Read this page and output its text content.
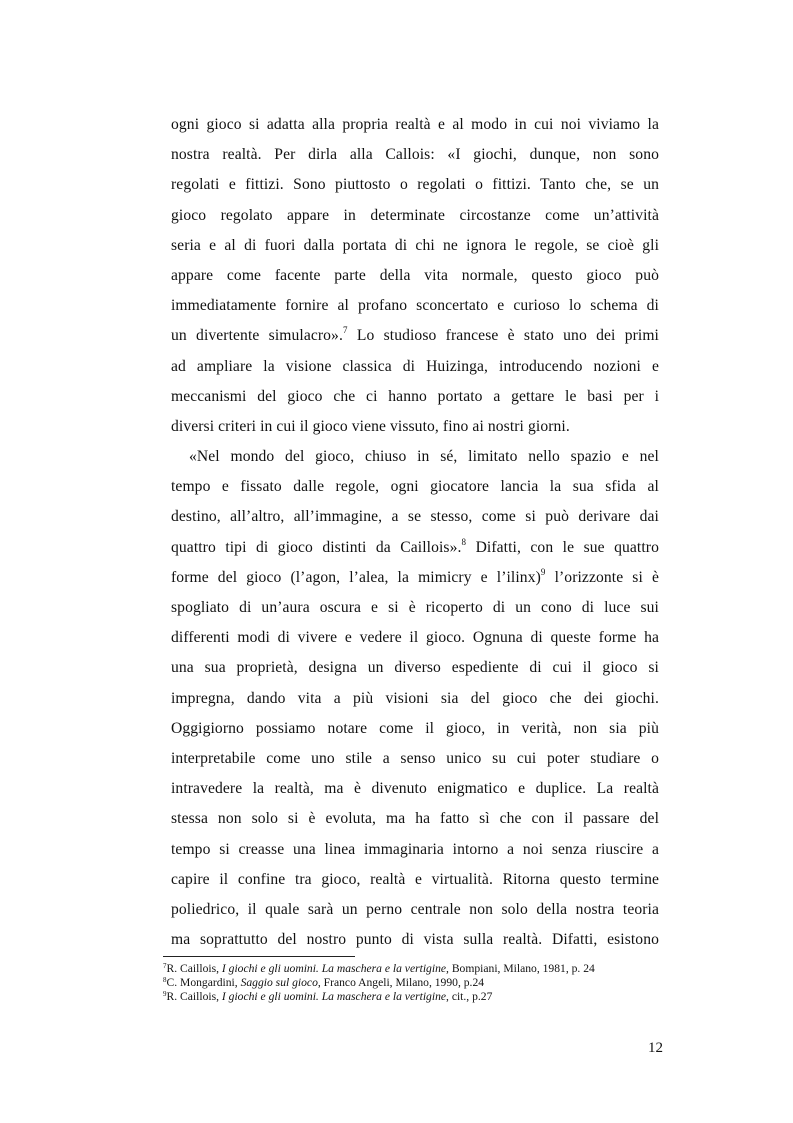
ogni gioco si adatta alla propria realtà e al modo in cui noi viviamo la
nostra realtà. Per dirla alla Callois: «I giochi, dunque, non sono
regolati e fittizi. Sono piuttosto o regolati o fittizi. Tanto che, se un
gioco regolato appare in determinate circostanze come un’attività
seria e al di fuori dalla portata di chi ne ignora le regole, se cioè gli
appare come facente parte della vita normale, questo gioco può
immediatamente fornire al profano sconcertato e curioso lo schema di
un divertente simulacro».$^7$ Lo studioso francese è stato uno dei primi
ad ampliare la visione classica di Huizinga, introducendo nozioni e
meccanismi del gioco che ci hanno portato a gettare le basi per i
diversi criteri in cui il gioco viene vissuto, fino ai nostri giorni.
«Nel mondo del gioco, chiuso in sé, limitato nello spazio e nel
tempo e fissato dalle regole, ogni giocatore lancia la sua sfida al
destino, all’altro, all’immagine, a se stesso, come si può derivare dai
quattro tipi di gioco distinti da Caillois».$^8$ Difatti, con le sue quattro
forme del gioco (l’agon, l’alea, la mimicry e l’ilinx)$^9$ l’orizzonte si è
spogliato di un’aura oscura e si è ricoperto di un cono di luce sui
differenti modi di vivere e vedere il gioco. Ognuna di queste forme ha
una sua proprietà, designa un diverso espediente di cui il gioco si
impregna, dando vita a più visioni sia del gioco che dei giochi.
Oggigiorno possiamo notare come il gioco, in verità, non sia più
interpretabile come uno stile a senso unico su cui poter studiare o
intravedere la realtà, ma è divenuto enigmatico e duplice. La realtà
stessa non solo si è evoluta, ma ha fatto sì che con il passare del
tempo si creasse una linea immaginaria intorno a noi senza riuscire a
capire il confine tra gioco, realtà e virtualità. Ritorna questo termine
poliedrico, il quale sarà un perno centrale non solo della nostra teoria
ma soprattutto del nostro punto di vista sulla realtà. Difatti, esistono
$^7$R. Caillois, I giochi e gli uomini. La maschera e la vertigine, Bompiani, Milano, 1981, p. 24
$^8$C. Mongardini, Saggio sul gioco, Franco Angeli, Milano, 1990, p.24
$^9$R. Caillois, I giochi e gli uomini. La maschera e la vertigine, cit., p.27
12
